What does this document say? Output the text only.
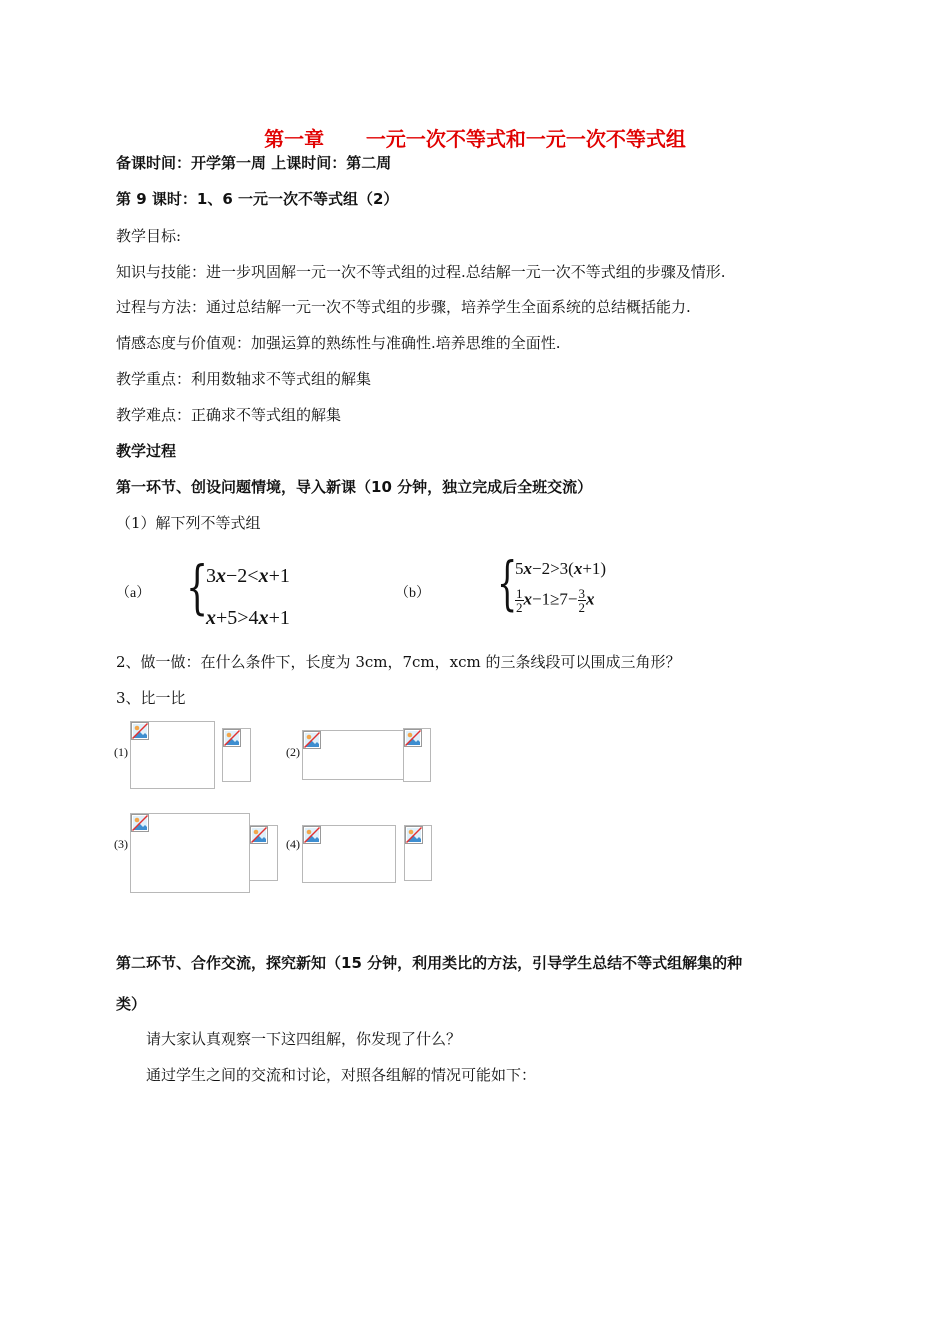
第一章      一元一次不等式和一元一次不等式组
备课时间：开学第一周 上课时间：第二周
第 9 课时：1、6 一元一次不等式组（2）
教学目标:
知识与技能：进一步巩固解一元一次不等式组的过程.总结解一元一次不等式组的步骤及情形.
过程与方法：通过总结解一元一次不等式组的步骤，培养学生全面系统的总结概括能力.
情感态度与价值观：加强运算的熟练性与准确性.培养思维的全面性.
教学重点：利用数轴求不等式组的解集
教学难点：正确求不等式组的解集
教学过程
第一环节、创设问题情境，导入新课（10 分钟，独立完成后全班交流）
（1）解下列不等式组
（a） {
3x−2<x+1
x+5>4x+1
（b） {
5x−2>3(x+1)
$\frac{1}{2} x-1\ge 7- \frac{3}{2}$ x
2、做一做：在什么条件下，长度为 3cm，7cm，xcm 的三条线段可以围成三角形？
3、比一比
(1)	(2)
(3)	(4)
第二环节、合作交流，探究新知（15 分钟，利用类比的方法，引导学生总结不等式组解集的种
类）
请大家认真观察一下这四组解，你发现了什么？
通过学生之间的交流和讨论，对照各组解的情况可能如下：
